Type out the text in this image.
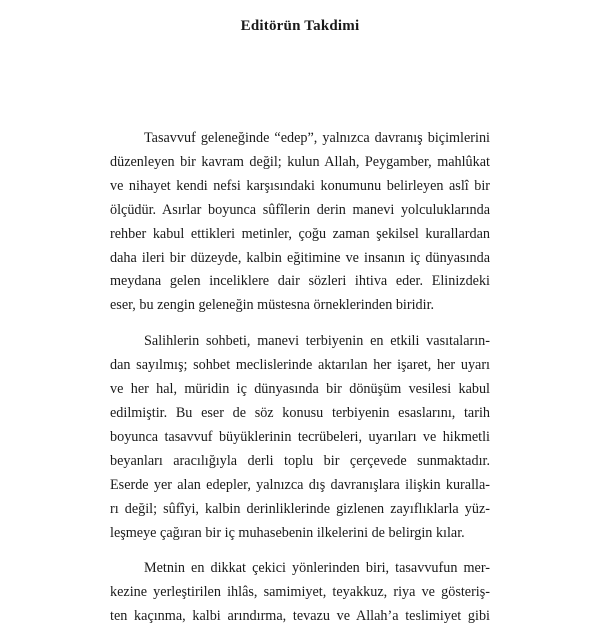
Editörün Takdimi

Tasavvuf geleneğinde “edep”, yalnızca davranış biçimlerini
düzenleyen bir kavram değil; kulun Allah, Peygamber, mahlûkat
ve nihayet kendi nefsi karşısındaki konumunu belirleyen aslî bir
ölçüdür. Asırlar boyunca sûfîlerin derin manevi yolculuklarında
rehber kabul ettikleri metinler, çoğu zaman şekilsel kurallardan
daha ileri bir düzeyde, kalbin eğitimine ve insanın iç dünyasında
meydana gelen inceliklere dair sözleri ihtiva eder. Elinizdeki
eser, bu zengin geleneğin müstesna örneklerinden biridir.

Salihlerin sohbeti, manevi terbiyenin en etkili vasıtaların-
dan sayılmış; sohbet meclislerinde aktarılan her işaret, her uyarı
ve her hal, müridin iç dünyasında bir dönüşüm vesilesi kabul
edilmiştir. Bu eser de söz konusu terbiyenin esaslarını, tarih
boyunca tasavvuf büyüklerinin tecrübeleri, uyarıları ve hikmetli
beyanları aracılığıyla derli toplu bir çerçevede sunmaktadır.
Eserde yer alan edepler, yalnızca dış davranışlara ilişkin kuralla-
rı değil; sûfîyi, kalbin derinliklerinde gizlenen zayıflıklarla yüz-
leşmeye çağıran bir iç muhasebenin ilkelerini de belirgin kılar.

Metnin en dikkat çekici yönlerinden biri, tasavvufun mer-
kezine yerleştirilen ihlâs, samimiyet, teyakkuz, riya ve gösteriş-
ten kaçınma, kalbi arındırma, tevazu ve Allah’a teslimiyet gibi
